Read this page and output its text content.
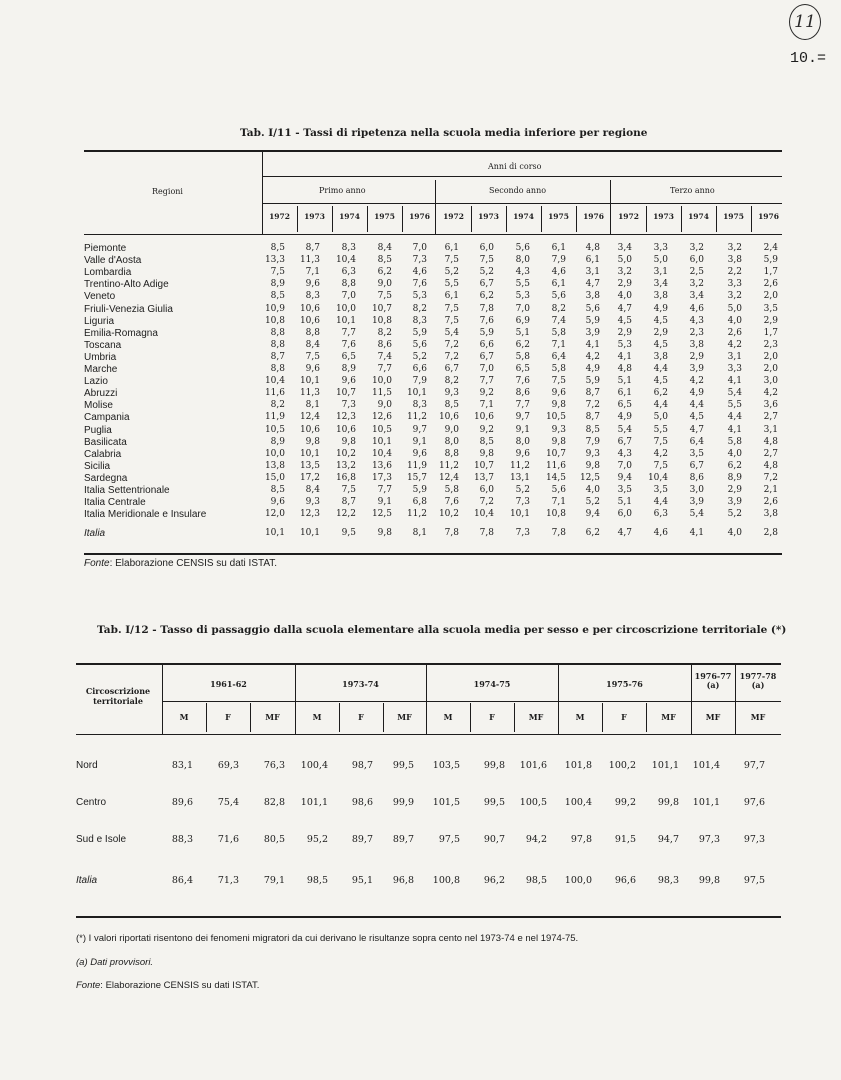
11
10.=
Tab. I/11 - Tassi di ripetenza nella scuola media inferiore per regione
Regioni
Anni di corso
Primo anno	Secondo anno	Terzo anno
1972	1973	1974	1975	1976	1972	1973	1974	1975	1976	1972	1973	1974	1975	1976
Piemonte	8,5	8,7	8,3	8,4	7,0	6,1	6,0	5,6	6,1	4,8	3,4	3,3	3,2	3,2	2,4
Valle d'Aosta	13,3	11,3	10,4	8,5	7,3	7,5	7,5	8,0	7,9	6,1	5,0	5,0	6,0	3,8	5,9
Lombardia	7,5	7,1	6,3	6,2	4,6	5,2	5,2	4,3	4,6	3,1	3,2	3,1	2,5	2,2	1,7
Trentino-Alto Adige	8,9	9,6	8,8	9,0	7,6	5,5	6,7	5,5	6,1	4,7	2,9	3,4	3,2	3,3	2,6
Veneto	8,5	8,3	7,0	7,5	5,3	6,1	6,2	5,3	5,6	3,8	4,0	3,8	3,4	3,2	2,0
Friuli-Venezia Giulia	10,9	10,6	10,0	10,7	8,2	7,5	7,8	7,0	8,2	5,6	4,7	4,9	4,6	5,0	3,5
Liguria	10,8	10,6	10,1	10,8	8,3	7,5	7,6	6,9	7,4	5,9	4,5	4,5	4,3	4,0	2,9
Emilia-Romagna	8,8	8,8	7,7	8,2	5,9	5,4	5,9	5,1	5,8	3,9	2,9	2,9	2,3	2,6	1,7
Toscana	8,8	8,4	7,6	8,6	5,6	7,2	6,6	6,2	7,1	4,1	5,3	4,5	3,8	4,2	2,3
Umbria	8,7	7,5	6,5	7,4	5,2	7,2	6,7	5,8	6,4	4,2	4,1	3,8	2,9	3,1	2,0
Marche	8,8	9,6	8,9	7,7	6,6	6,7	7,0	6,5	5,8	4,9	4,8	4,4	3,9	3,3	2,0
Lazio	10,4	10,1	9,6	10,0	7,9	8,2	7,7	7,6	7,5	5,9	5,1	4,5	4,2	4,1	3,0
Abruzzi	11,6	11,3	10,7	11,5	10,1	9,3	9,2	8,6	9,6	8,7	6,1	6,2	4,9	5,4	4,2
Molise	8,2	8,1	7,3	9,0	8,3	8,5	7,1	7,7	9,8	7,2	6,5	4,4	4,4	5,5	3,6
Campania	11,9	12,4	12,3	12,6	11,2	10,6	10,6	9,7	10,5	8,7	4,9	5,0	4,5	4,4	2,7
Puglia	10,5	10,6	10,6	10,5	9,7	9,0	9,2	9,1	9,3	8,5	5,4	5,5	4,7	4,1	3,1
Basilicata	8,9	9,8	9,8	10,1	9,1	8,0	8,5	8,0	9,8	7,9	6,7	7,5	6,4	5,8	4,8
Calabria	10,0	10,1	10,2	10,4	9,6	8,8	9,8	9,6	10,7	9,3	4,3	4,2	3,5	4,0	2,7
Sicilia	13,8	13,5	13,2	13,6	11,9	11,2	10,7	11,2	11,6	9,8	7,0	7,5	6,7	6,2	4,8
Sardegna	15,0	17,2	16,8	17,3	15,7	12,4	13,7	13,1	14,5	12,5	9,4	10,4	8,6	8,9	7,2
Italia Settentrionale	8,5	8,4	7,5	7,7	5,9	5,8	6,0	5,2	5,6	4,0	3,5	3,5	3,0	2,9	2,1
Italia Centrale	9,6	9,3	8,7	9,1	6,8	7,6	7,2	7,3	7,1	5,2	5,1	4,4	3,9	3,9	2,6
Italia Meridionale e Insulare	12,0	12,3	12,2	12,5	11,2	10,2	10,4	10,1	10,8	9,4	6,0	6,3	5,4	5,2	3,8
Italia	10,1	10,1	9,5	9,8	8,1	7,8	7,8	7,3	7,8	6,2	4,7	4,6	4,1	4,0	2,8
Fonte: Elaborazione CENSIS su dati ISTAT.
Tab. I/12 - Tasso di passaggio dalla scuola elementare alla scuola media per sesso e per circoscrizione territoriale (*)
Circoscrizione territoriale
1961-62	1973-74	1974-75	1975-76
1976-77 (a)
1977-78 (a)
M	F	MF	M	F	MF	M	F	MF	M	F	MF	MF	MF
Nord	83,1	69,3	76,3	100,4	98,7	99,5	103,5	99,8	101,6	101,8	100,2	101,1	101,4	97,7
Centro	89,6	75,4	82,8	101,1	98,6	99,9	101,5	99,5	100,5	100,4	99,2	99,8	101,1	97,6
Sud e Isole	88,3	71,6	80,5	95,2	89,7	89,7	97,5	90,7	94,2	97,8	91,5	94,7	97,3	97,3
Italia	86,4	71,3	79,1	98,5	95,1	96,8	100,8	96,2	98,5	100,0	96,6	98,3	99,8	97,5
(*) I valori riportati risentono dei fenomeni migratori da cui derivano le risultanze sopra cento nel 1973-74 e nel 1974-75.
(a) Dati provvisori.
Fonte: Elaborazione CENSIS su dati ISTAT.
